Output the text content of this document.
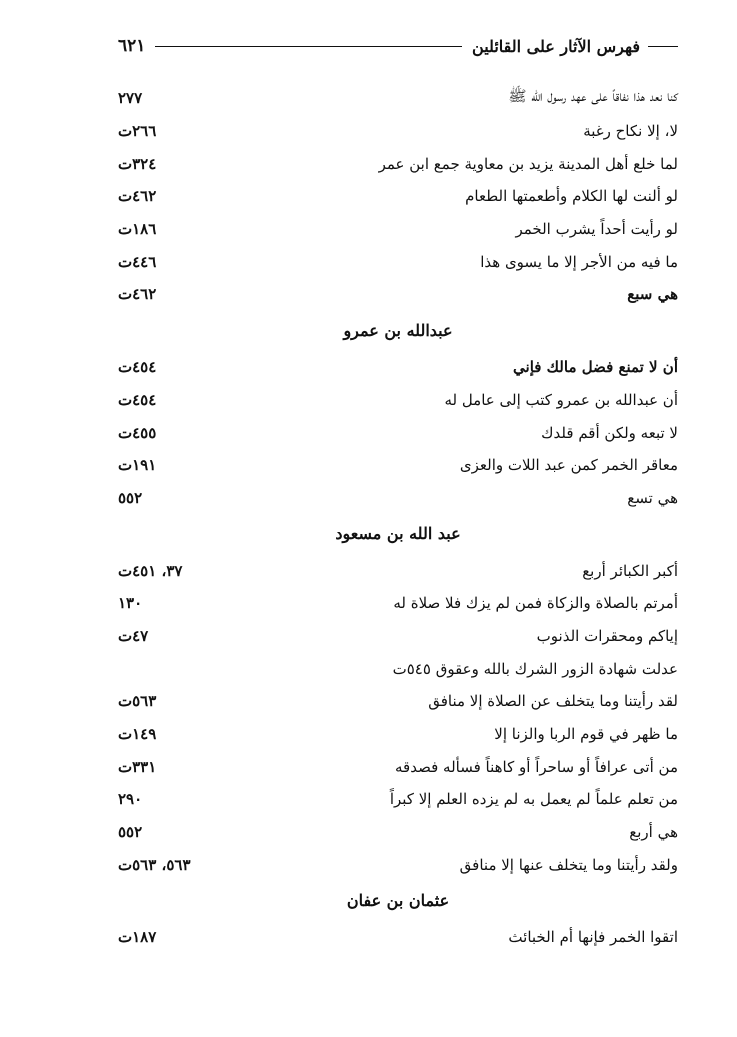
فهرس الآثار على القائلين
٦٢١
كنا نعد هذا نفاقاً على عهد رسول الله ﷺ
٢٧٧
لا، إلا نكاح رغبة
٢٦٦ت
لما خلع أهل المدينة يزيد بن معاوية جمع ابن عمر
٣٢٤ت
لو ألنت لها الكلام وأطعمتها الطعام
٤٦٢ت
لو رأيت أحداً يشرب الخمر
١٨٦ت
ما فيه من الأجر إلا ما يسوى هذا
٤٤٦ت
هي سبع
٤٦٢ت
عبدالله بن عمرو
أن لا تمنع فضل مالك فإني
٤٥٤ت
أن عبدالله بن عمرو كتب إلى عامل له
٤٥٤ت
لا تبعه ولكن أقم قلدك
٤٥٥ت
معاقر الخمر كمن عبد اللات والعزى
١٩١ت
هي تسع
٥٥٢
عبد الله بن مسعود
أكبر الكبائر أربع
٣٧، ٤٥١ت
أمرتم بالصلاة والزكاة فمن لم يزك فلا صلاة له
١٣٠
إياكم ومحقرات الذنوب
٤٧ت
عدلت شهادة الزور الشرك بالله وعقوق ٥٤٥ت
لقد رأيتنا وما يتخلف عن الصلاة إلا منافق
٥٦٣ت
ما ظهر في قوم الربا والزنا إلا
١٤٩ت
من أتى عرافاً أو ساحراً أو كاهناً فسأله فصدقه
٣٣١ت
من تعلم علماً لم يعمل به لم يزده العلم إلا كبراً
٢٩٠
هي أربع
٥٥٢
ولقد رأيتنا وما يتخلف عنها إلا منافق
٥٦٣، ٥٦٣ت
عثمان بن عفان
اتقوا الخمر فإنها أم الخبائث
١٨٧ت
